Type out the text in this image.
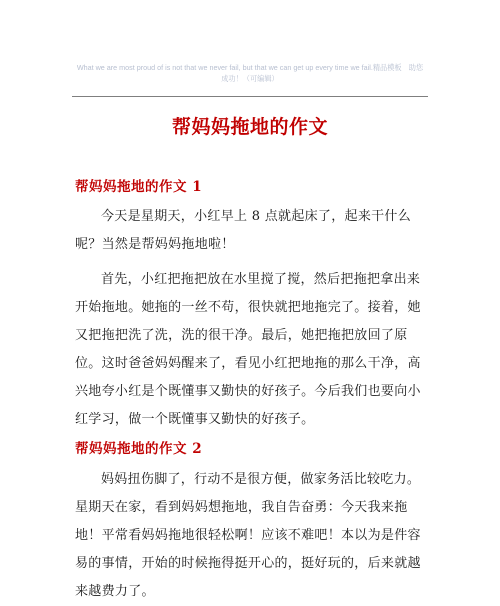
What we are most proud of is not that we never fail, but that we can get up every time we fail.精品模板　助您
成功！（可编辑）
帮妈妈拖地的作文
帮妈妈拖地的作文 1
今天是星期天，小红早上 8 点就起床了，起来干什么呢？当然是帮妈妈拖地啦！
首先，小红把拖把放在水里搅了搅，然后把拖把拿出来开始拖地。她拖的一丝不苟，很快就把地拖完了。接着，她又把拖把洗了洗，洗的很干净。最后，她把拖把放回了原位。这时爸爸妈妈醒来了，看见小红把地拖的那么干净，高兴地夸小红是个既懂事又勤快的好孩子。今后我们也要向小红学习，做一个既懂事又勤快的好孩子。
帮妈妈拖地的作文 2
妈妈扭伤脚了，行动不是很方便，做家务活比较吃力。星期天在家，看到妈妈想拖地，我自告奋勇：今天我来拖地！平常看妈妈拖地很轻松啊！应该不难吧！本以为是件容易的事情，开始的时候拖得挺开心的，挺好玩的，后来就越来越费力了。
